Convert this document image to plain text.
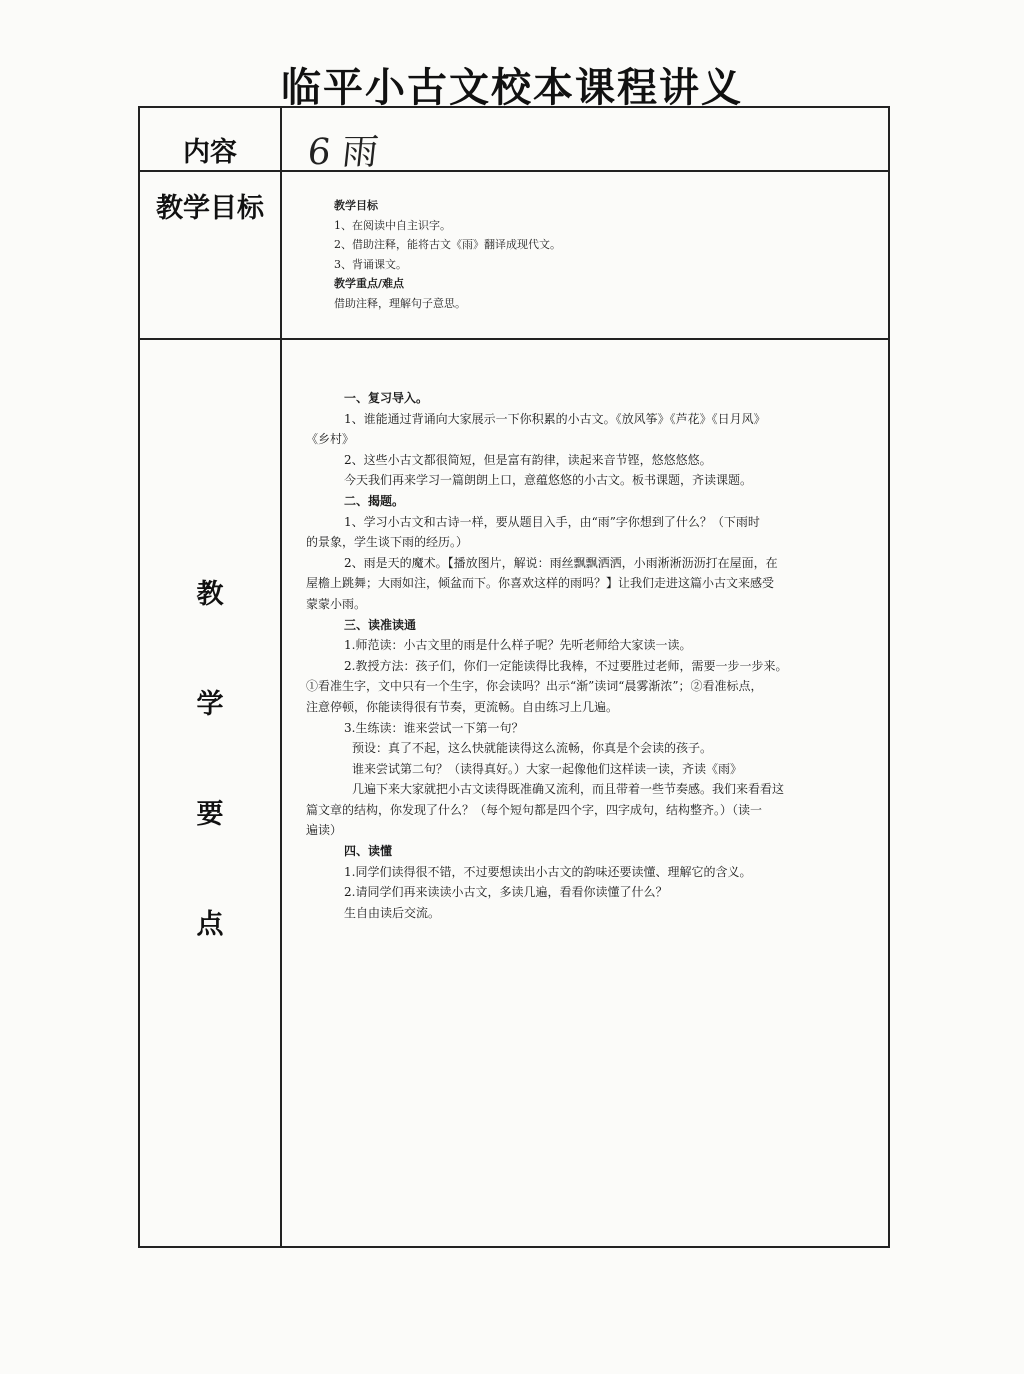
临平小古文校本课程讲义
内容	6 雨
教学目标	教学目标
1、在阅读中自主识字。
2、借助注释，能将古文《雨》翻译成现代文。
3、背诵课文。
教学重点/难点
借助注释，理解句子意思。
教
学
要
点

一、复习导入。

1、谁能通过背诵向大家展示一下你积累的小古文。《放风筝》《芦花》《日月风》

《乡村》

2、这些小古文都很简短，但是富有韵律，读起来音节铿，悠悠悠悠。

今天我们再来学习一篇朗朗上口，意蕴悠悠的小古文。板书课题，齐读课题。

二、揭题。

1、学习小古文和古诗一样，要从题目入手，由“雨”字你想到了什么？（下雨时

的景象，学生谈下雨的经历。）

2、雨是天的魔术。【播放图片，解说：雨丝飘飘洒洒，小雨淅淅沥沥打在屋面，在

屋檐上跳舞；大雨如注，倾盆而下。你喜欢这样的雨吗？】让我们走进这篇小古文来感受

蒙蒙小雨。

三、读准读通

1.师范读：小古文里的雨是什么样子呢？先听老师给大家读一读。

2.教授方法：孩子们，你们一定能读得比我棒，不过要胜过老师，需要一步一步来。

①看准生字，文中只有一个生字，你会读吗？出示“渐”读词“晨雾渐浓”；②看准标点，

注意停顿，你能读得很有节奏，更流畅。自由练习上几遍。

3.生练读：谁来尝试一下第一句？

预设：真了不起，这么快就能读得这么流畅，你真是个会读的孩子。

谁来尝试第二句？（读得真好。）大家一起像他们这样读一读，齐读《雨》

几遍下来大家就把小古文读得既准确又流利，而且带着一些节奏感。我们来看看这

篇文章的结构，你发现了什么？（每个短句都是四个字，四字成句，结构整齐。）（读一

遍读）

四、读懂

1.同学们读得很不错，不过要想读出小古文的韵味还要读懂、理解它的含义。

2.请同学们再来读读小古文，多读几遍，看看你读懂了什么？

生自由读后交流。
